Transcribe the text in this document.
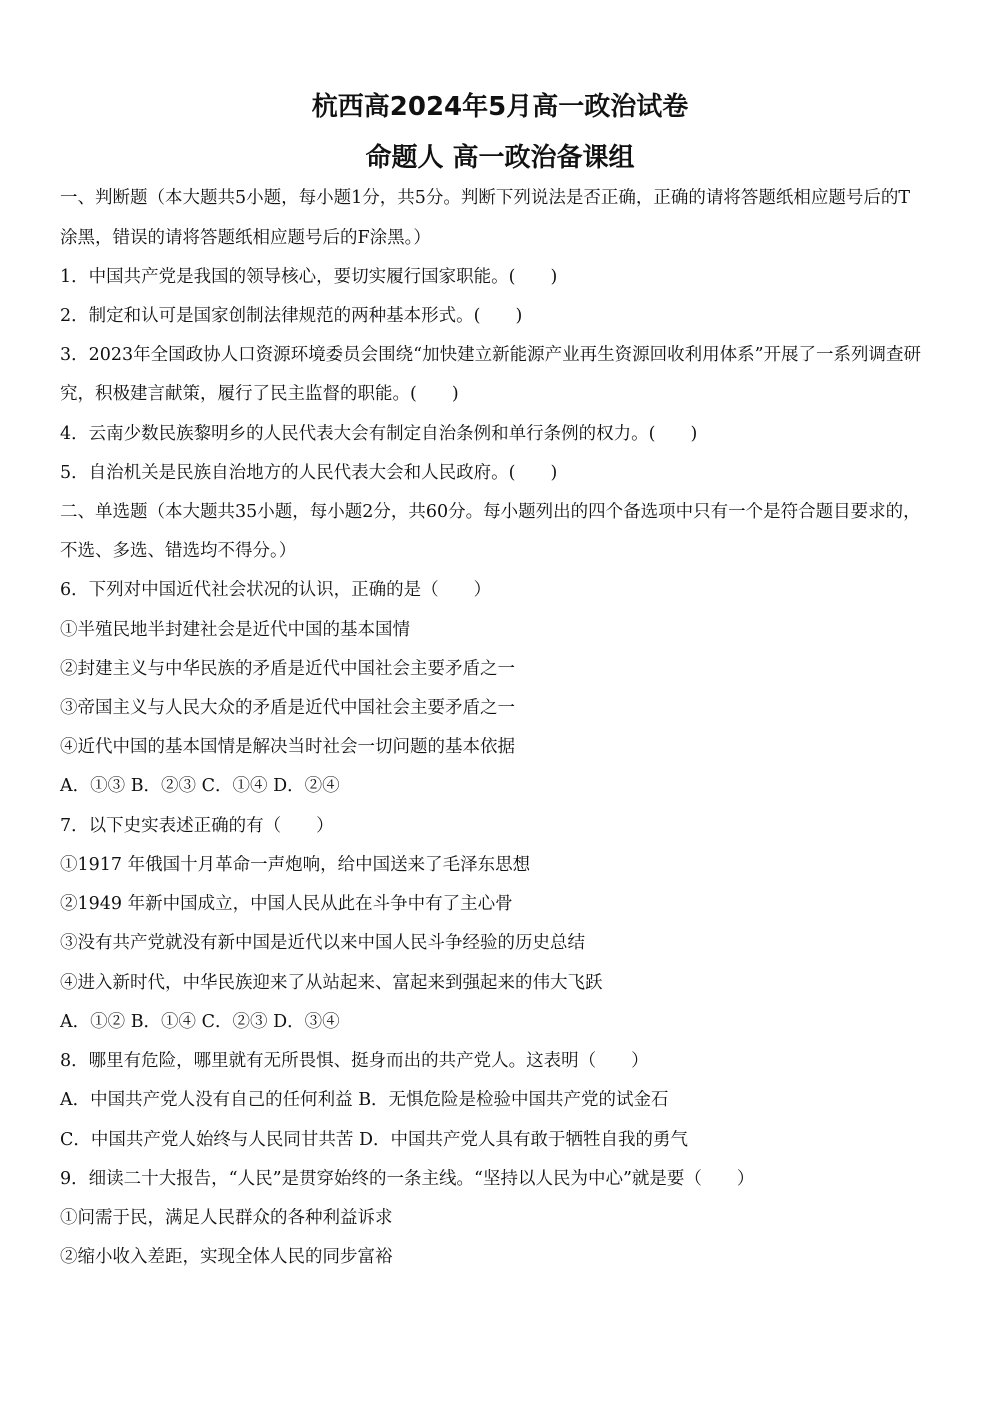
杭西高2024年5月高一政治试卷
命题人 高一政治备课组
一、判断题（本大题共5小题，每小题1分，共5分。判断下列说法是否正确，正确的请将答题纸相应题号后的T
涂黑，错误的请将答题纸相应题号后的F涂黑。）
1．中国共产党是我国的领导核心，要切实履行国家职能。(　　)
2．制定和认可是国家创制法律规范的两种基本形式。(　　)
3．2023年全国政协人口资源环境委员会围绕“加快建立新能源产业再生资源回收利用体系”开展了一系列调查研
究，积极建言献策，履行了民主监督的职能。(　　)
4．云南少数民族黎明乡的人民代表大会有制定自治条例和单行条例的权力。(　　)
5．自治机关是民族自治地方的人民代表大会和人民政府。(　　)
二、单选题（本大题共35小题，每小题2分，共60分。每小题列出的四个备选项中只有一个是符合题目要求的，
不选、多选、错选均不得分。）
6．下列对中国近代社会状况的认识，正确的是（　　）
①半殖民地半封建社会是近代中国的基本国情
②封建主义与中华民族的矛盾是近代中国社会主要矛盾之一
③帝国主义与人民大众的矛盾是近代中国社会主要矛盾之一
④近代中国的基本国情是解决当时社会一切问题的基本依据
A．①③ B．②③ C．①④ D．②④
7．以下史实表述正确的有（　　）
①1917 年俄国十月革命一声炮响，给中国送来了毛泽东思想
②1949 年新中国成立，中国人民从此在斗争中有了主心骨
③没有共产党就没有新中国是近代以来中国人民斗争经验的历史总结
④进入新时代，中华民族迎来了从站起来、富起来到强起来的伟大飞跃
A．①② B．①④ C．②③ D．③④
8．哪里有危险，哪里就有无所畏惧、挺身而出的共产党人。这表明（　　）
A．中国共产党人没有自己的任何利益 B．无惧危险是检验中国共产党的试金石
C．中国共产党人始终与人民同甘共苦 D．中国共产党人具有敢于牺牲自我的勇气
9．细读二十大报告，“人民”是贯穿始终的一条主线。“坚持以人民为中心”就是要（　　）
①问需于民，满足人民群众的各种利益诉求
②缩小收入差距，实现全体人民的同步富裕
